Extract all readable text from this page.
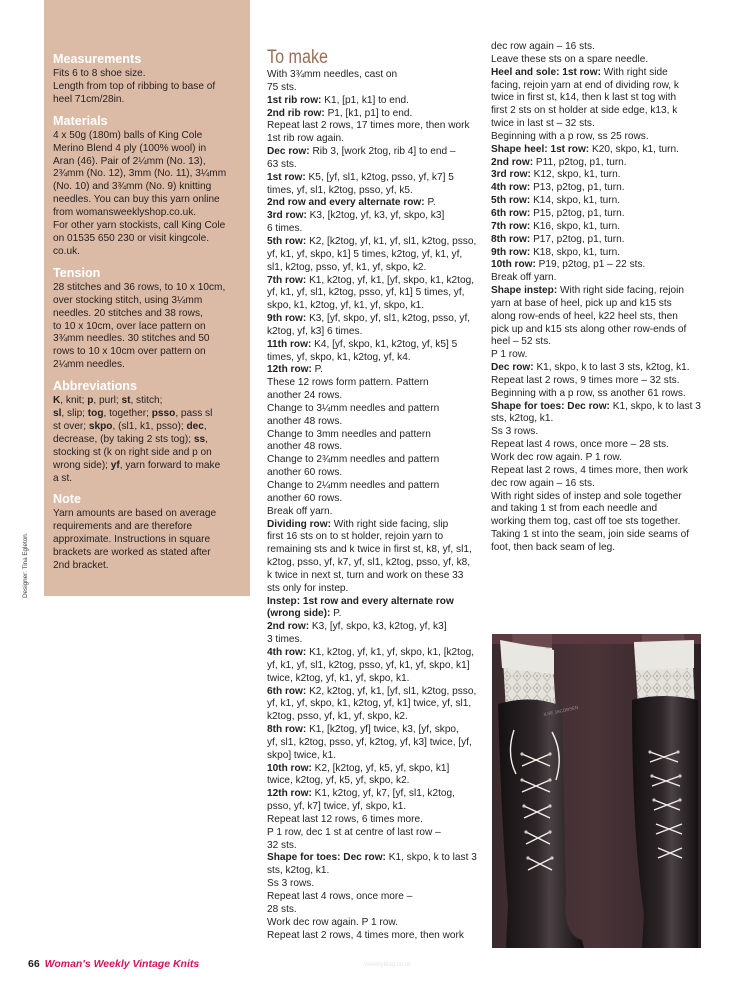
Measurements
Fits 6 to 8 shoe size.
Length from top of ribbing to base of
heel 71cm/28in.
Materials
4 x 50g (180m) balls of King Cole
Merino Blend 4 ply (100% wool) in
Aran (46). Pair of 2¼mm (No. 13),
2¾mm (No. 12), 3mm (No. 11), 3¼mm
(No. 10) and 3¾mm (No. 9) knitting
needles. You can buy this yarn online
from womansweeklyshop.co.uk.
For other yarn stockists, call King Cole
on 01535 650 230 or visit kingcole.
co.uk.
Tension
28 stitches and 36 rows, to 10 x 10cm,
over stocking stitch, using 3¼mm
needles. 20 stitches and 38 rows,
to 10 x 10cm, over lace pattern on
3¾mm needles. 30 stitches and 50
rows to 10 x 10cm over pattern on
2¼mm needles.
Abbreviations
K, knit; p, purl; st, stitch;
sl, slip; tog, together; psso, pass sl
st over; skpo, (sl1, k1, psso); dec,
decrease, (by taking 2 sts tog); ss,
stocking st (k on right side and p on
wrong side); yf, yarn forward to make
a st.
Note
Yarn amounts are based on average
requirements and are therefore
approximate. Instructions in square
brackets are worked as stated after
2nd bracket.
Designer: Tina Egleton.
To make

With 3¾mm needles, cast on

75 sts.

1st rib row: K1, [p1, k1] to end.

2nd rib row: P1, [k1, p1] to end.

Repeat last 2 rows, 17 times more, then work

1st rib row again.

Dec row: Rib 3, [work 2tog, rib 4] to end –

63 sts.

1st row: K5, [yf, sl1, k2tog, psso, yf, k7] 5

times, yf, sl1, k2tog, psso, yf, k5.

2nd row and every alternate row: P.

3rd row: K3, [k2tog, yf, k3, yf, skpo, k3]

6 times.

5th row: K2, [k2tog, yf, k1, yf, sl1, k2tog, psso,

yf, k1, yf, skpo, k1] 5 times, k2tog, yf, k1, yf,

sl1, k2tog, psso, yf, k1, yf, skpo, k2.

7th row: K1, k2tog, yf, k1, [yf, skpo, k1, k2tog,

yf, k1, yf, sl1, k2tog, psso, yf, k1] 5 times, yf,

skpo, k1, k2tog, yf, k1, yf, skpo, k1.

9th row: K3, [yf, skpo, yf, sl1, k2tog, psso, yf,

k2tog, yf, k3] 6 times.

11th row: K4, [yf, skpo, k1, k2tog, yf, k5] 5

times, yf, skpo, k1, k2tog, yf, k4.

12th row: P.

These 12 rows form pattern. Pattern

another 24 rows.

Change to 3¼mm needles and pattern

another 48 rows.

Change to 3mm needles and pattern

another 48 rows.

Change to 2¾mm needles and pattern

another 60 rows.

Change to 2¼mm needles and pattern

another 60 rows.

Break off yarn.

Dividing row: With right side facing, slip

first 16 sts on to st holder, rejoin yarn to

remaining sts and k twice in first st, k8, yf, sl1,

k2tog, psso, yf, k7, yf, sl1, k2tog, psso, yf, k8,

k twice in next st, turn and work on these 33

sts only for instep.

Instep: 1st row and every alternate row

(wrong side): P.

2nd row: K3, [yf, skpo, k3, k2tog, yf, k3]

3 times.

4th row: K1, k2tog, yf, k1, yf, skpo, k1, [k2tog,

yf, k1, yf, sl1, k2tog, psso, yf, k1, yf, skpo, k1]

twice, k2tog, yf, k1, yf, skpo, k1.

6th row: K2, k2tog, yf, k1, [yf, sl1, k2tog, psso,

yf, k1, yf, skpo, k1, k2tog, yf, k1] twice, yf, sl1,

k2tog, psso, yf, k1, yf, skpo, k2.

8th row: K1, [k2tog, yf] twice, k3, [yf, skpo,

yf, sl1, k2tog, psso, yf, k2tog, yf, k3] twice, [yf,

skpo] twice, k1.

10th row: K2, [k2tog, yf, k5, yf, skpo, k1]

twice, k2tog, yf, k5, yf, skpo, k2.

12th row: K1, k2tog, yf, k7, [yf, sl1, k2tog,

psso, yf, k7] twice, yf, skpo, k1.

Repeat last 12 rows, 6 times more.

P 1 row, dec 1 st at centre of last row –

32 sts.

Shape for toes: Dec row: K1, skpo, k to last 3

sts, k2tog, k1.

Ss 3 rows.

Repeat last 4 rows, once more –

28 sts.

Work dec row again. P 1 row.

Repeat last 2 rows, 4 times more, then work

dec row again – 16 sts.

Leave these sts on a spare needle.

Heel and sole: 1st row: With right side

facing, rejoin yarn at end of dividing row, k

twice in first st, k14, then k last st tog with

first 2 sts on st holder at side edge, k13, k

twice in last st – 32 sts.

Beginning with a p row, ss 25 rows.

Shape heel: 1st row: K20, skpo, k1, turn.

2nd row: P11, p2tog, p1, turn.

3rd row: K12, skpo, k1, turn.

4th row: P13, p2tog, p1, turn.

5th row: K14, skpo, k1, turn.

6th row: P15, p2tog, p1, turn.

7th row: K16, skpo, k1, turn.

8th row: P17, p2tog, p1, turn.

9th row: K18, skpo, k1, turn.

10th row: P19, p2tog, p1 – 22 sts.

Break off yarn.

Shape instep: With right side facing, rejoin

yarn at base of heel, pick up and k15 sts

along row-ends of heel, k22 heel sts, then

pick up and k15 sts along other row-ends of

heel – 52 sts.

P 1 row.

Dec row: K1, skpo, k to last 3 sts, k2tog, k1.

Repeat last 2 rows, 9 times more – 32 sts.

Beginning with a p row, ss another 61 rows.

Shape for toes: Dec row: K1, skpo, k to last 3

sts, k2tog, k1.

Ss 3 rows.

Repeat last 4 rows, once more – 28 sts.

Work dec row again. P 1 row.

Repeat last 2 rows, 4 times more, then work

dec row again – 16 sts.

With right sides of instep and sole together

and taking 1 st from each needle and

working them tog, cast off toe sts together.

Taking 1 st into the seam, join side seams of

foot, then back seam of leg.

ILSE JACOBSEN
66 Woman's Weekly Vintage Knits	WeeklyMag.co.uk
